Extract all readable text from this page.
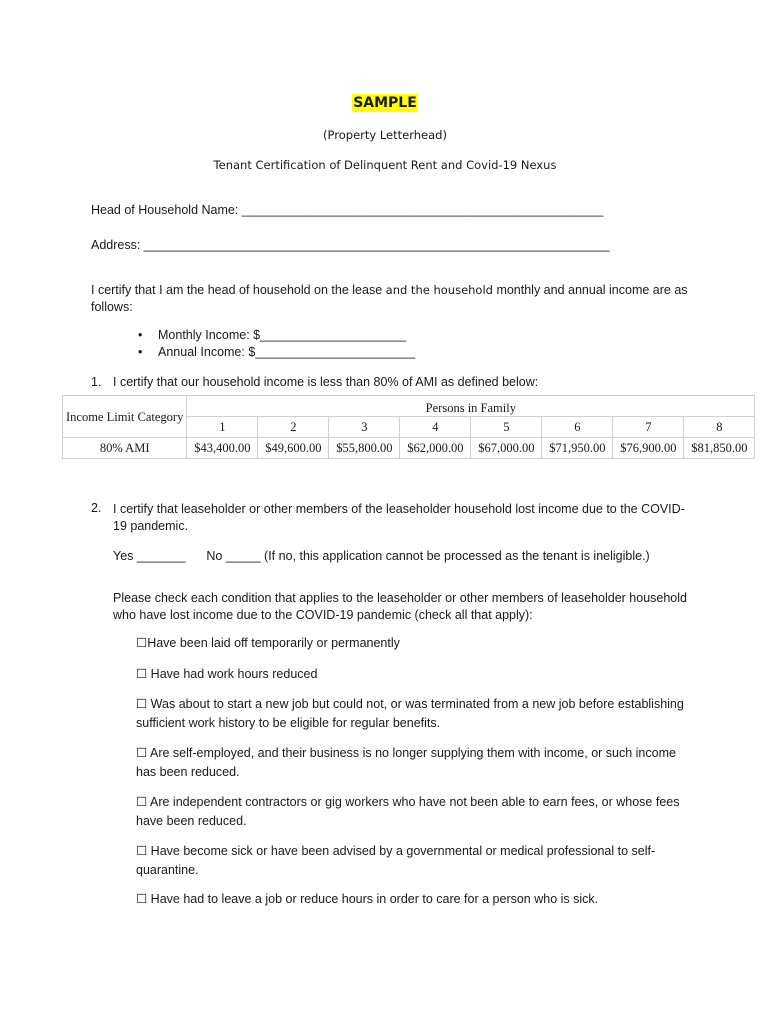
SAMPLE
(Property Letterhead)
Tenant Certification of Delinquent Rent and Covid-19 Nexus
Head of Household Name: ____________________________________________________
Address: ___________________________________________________________________
I certify that I am the head of household on the lease and the household monthly and annual income are as follows:
• Monthly Income: $_____________________
• Annual Income: $_______________________
1. I certify that our household income is less than 80% of AMI as defined below:
Income Limit Category	Persons in Family							
	1	2	3	4	5	6	7	8
80% AMI	$43,400.00	$49,600.00	$55,800.00	$62,000.00	$67,000.00	$71,950.00	$76,900.00	$81,850.00
2. I certify that leaseholder or other members of the leaseholder household lost income due to the COVID-19 pandemic.
Yes _______      No _____ (If no, this application cannot be processed as the tenant is ineligible.)
Please check each condition that applies to the leaseholder or other members of leaseholder household who have lost income due to the COVID-19 pandemic (check all that apply):
☐Have been laid off temporarily or permanently
☐ Have had work hours reduced
☐ Was about to start a new job but could not, or was terminated from a new job before establishing sufficient work history to be eligible for regular benefits.
☐ Are self-employed, and their business is no longer supplying them with income, or such income has been reduced.
☐ Are independent contractors or gig workers who have not been able to earn fees, or whose fees have been reduced.
☐ Have become sick or have been advised by a governmental or medical professional to self-quarantine.
☐ Have had to leave a job or reduce hours in order to care for a person who is sick.
